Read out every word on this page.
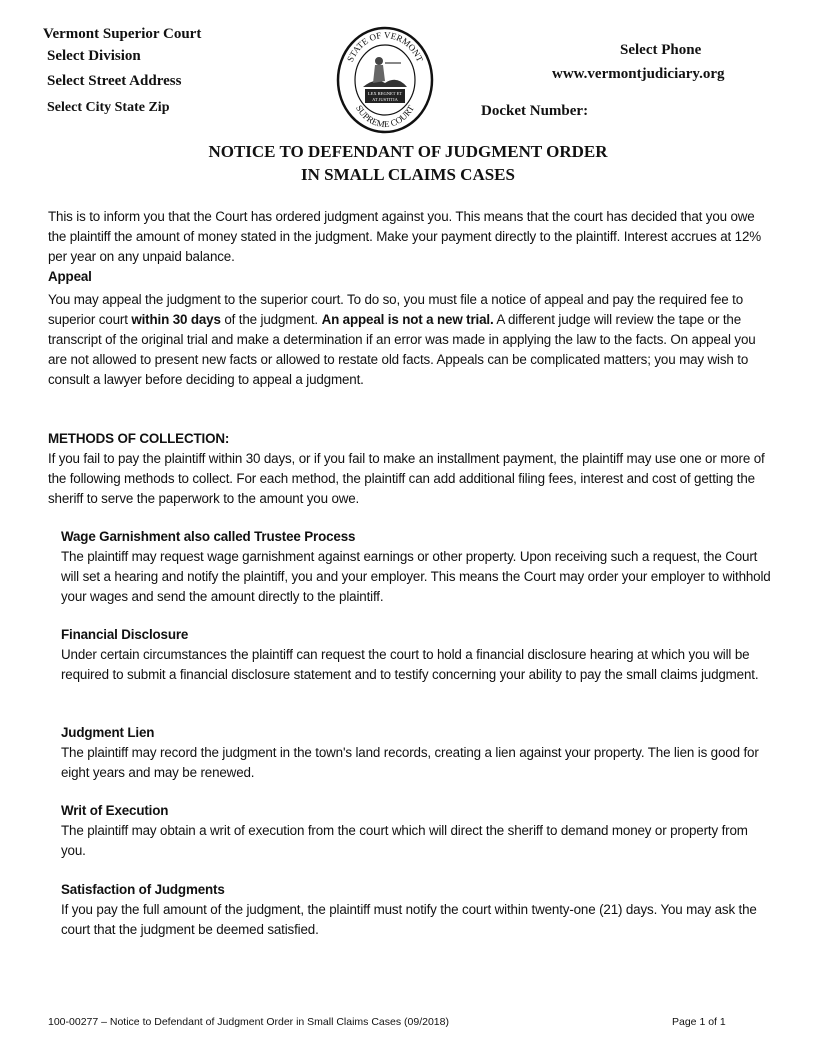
Vermont Superior Court
Select Division
Select Street Address
Select City State Zip
Select Phone
www.vermontjudiciary.org
Docket Number:
STATE OF VERMONT
SUPREME COURT
LEX REGNET ET
AT JUSTITIA
NOTICE TO DEFENDANT OF JUDGMENT ORDER
IN SMALL CLAIMS CASES

This is to inform you that the Court has ordered judgment against you. This means that the court has decided that you owe the plaintiff the amount of money stated in the judgment. Make your payment directly to the plaintiff. Interest accrues at 12% per year on any unpaid balance.

Appeal

You may appeal the judgment to the superior court. To do so, you must file a notice of appeal and pay the required fee to superior court within 30 days of the judgment. An appeal is not a new trial. A different judge will review the tape or the transcript of the original trial and make a determination if an error was made in applying the law to the facts. On appeal you are not allowed to present new facts or allowed to restate old facts. Appeals can be complicated matters; you may wish to consult a lawyer before deciding to appeal a judgment.

METHODS OF COLLECTION:

If you fail to pay the plaintiff within 30 days, or if you fail to make an installment payment, the plaintiff may use one or more of the following methods to collect. For each method, the plaintiff can add additional filing fees, interest and cost of getting the sheriff to serve the paperwork to the amount you owe.

Wage Garnishment also called Trustee Process

The plaintiff may request wage garnishment against earnings or other property. Upon receiving such a request, the Court will set a hearing and notify the plaintiff, you and your employer. This means the Court may order your employer to withhold your wages and send the amount directly to the plaintiff.

Financial Disclosure

Under certain circumstances the plaintiff can request the court to hold a financial disclosure hearing at which you will be required to submit a financial disclosure statement and to testify concerning your ability to pay the small claims judgment.

Judgment Lien

The plaintiff may record the judgment in the town's land records, creating a lien against your property. The lien is good for eight years and may be renewed.

Writ of Execution

The plaintiff may obtain a writ of execution from the court which will direct the sheriff to demand money or property from you.

Satisfaction of Judgments

If you pay the full amount of the judgment, the plaintiff must notify the court within twenty-one (21) days. You may ask the court that the judgment be deemed satisfied.

100-00277 – Notice to Defendant of Judgment Order in Small Claims Cases (09/2018)	Page 1 of 1
